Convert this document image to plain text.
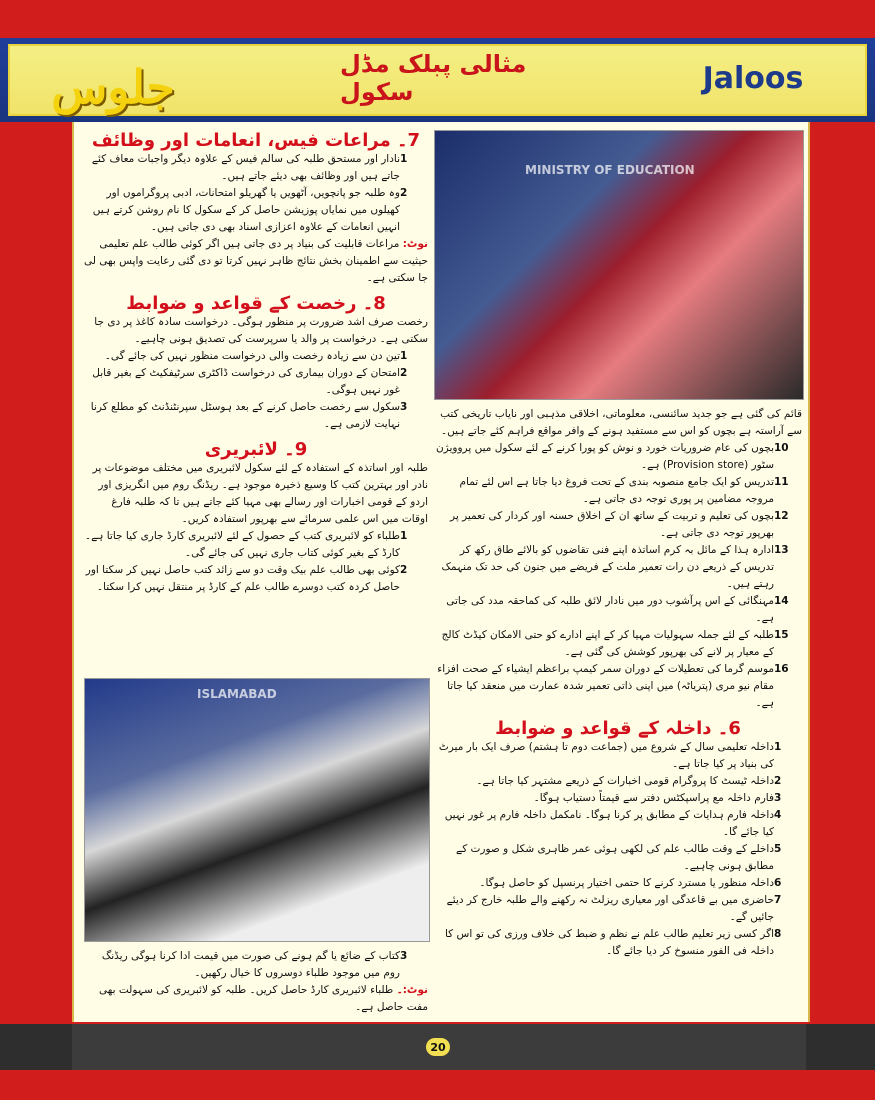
جلوس	مثالی پبلک مڈل سکول	Jaloos
MINISTRY OF EDUCATION

قائم کی گئی ہے جو جدید سائنسی، معلوماتی، اخلاقی مذہبی اور نایاب تاریخی کتب سے آراستہ ہے بچوں کو اس سے مستفید ہونے کے وافر مواقع فراہم کئے جاتے ہیں۔

10
بچوں کی عام ضروریات خورد و نوش کو پورا کرنے کے لئے سکول میں پروویژن سٹور (Provision store) ہے۔
11
تدریس کو ایک جامع منصوبہ بندی کے تحت فروغ دیا جاتا ہے اس لئے تمام مروجہ مضامین پر پوری توجہ دی جاتی ہے۔
12
بچوں کی تعلیم و تربیت کے ساتھ ان کے اخلاق حسنہ اور کردار کی تعمیر پر بھرپور توجہ دی جاتی ہے۔
13
ادارہ ہذا کے مائل بہ کرم اساتذہ اپنے فنی تقاضوں کو بالائے طاق رکھ کر تدریس کے ذریعے دن رات تعمیر ملت کے فریضے میں جنون کی حد تک منہمک رہتے ہیں۔
14
مہنگائی کے اس پرآشوب دور میں نادار لائق طلبہ کی کماحقہ مدد کی جاتی ہے۔
15
طلبہ کے لئے جملہ سہولیات مہیا کر کے اپنے ادارے کو حتی الامکان کیڈٹ کالج کے معیار پر لانے کی بھرپور کوشش کی گئی ہے۔
16
موسم گرما کی تعطیلات کے دوران سمر کیمپ براعظم ایشیاء کے صحت افزاء مقام نیو مری (پتریاٹہ) میں اپنی ذاتی تعمیر شدہ عمارت میں منعقد کیا جاتا ہے۔
6۔ داخلہ کے قواعد و ضوابط
1
داخلہ تعلیمی سال کے شروع میں (جماعت دوم تا ہشتم) صرف ایک بار میرٹ کی بنیاد پر کیا جاتا ہے۔
2
داخلہ ٹیسٹ کا پروگرام قومی اخبارات کے ذریعے مشتہر کیا جاتا ہے۔
3
فارم داخلہ مع پراسپکٹس دفتر سے قیمتاً دستیاب ہوگا۔
4
داخلہ فارم ہدایات کے مطابق پر کرنا ہوگا۔ نامکمل داخلہ فارم پر غور نہیں کیا جائے گا۔
5
داخلے کے وقت طالب علم کی لکھی ہوئی عمر ظاہری شکل و صورت کے مطابق ہونی چاہیے۔
6
داخلہ منظور یا مسترد کرنے کا حتمی اختیار پرنسپل کو حاصل ہوگا۔
7
حاضری میں بے قاعدگی اور معیاری ریزلٹ نہ رکھنے والے طلبہ خارج کر دیئے جائیں گے۔
8
اگر کسی زیر تعلیم طالب علم نے نظم و ضبط کی خلاف ورزی کی تو اس کا داخلہ فی الفور منسوخ کر دیا جائے گا۔
7۔ مراعات فیس، انعامات اور وظائف
1
نادار اور مستحق طلبہ کی سالم فیس کے علاوہ دیگر واجبات معاف کئے جاتے ہیں اور وظائف بھی دیئے جاتے ہیں۔
2
وہ طلبہ جو پانچویں، آٹھویں یا گھریلو امتحانات، ادبی پروگراموں اور کھیلوں میں نمایاں پوزیشن حاصل کر کے سکول کا نام روشن کرتے ہیں انہیں انعامات کے علاوہ اعزازی اسناد بھی دی جاتی ہیں۔

نوٹ: مراعات قابلیت کی بنیاد پر دی جاتی ہیں اگر کوئی طالب علم تعلیمی حیثیت سے اطمینان بخش نتائج ظاہر نہیں کرتا تو دی گئی رعایت واپس بھی لی جا سکتی ہے۔

8۔ رخصت کے قواعد و ضوابط

رخصت صرف اشد ضرورت پر منظور ہوگی۔ درخواست سادہ کاغذ پر دی جا سکتی ہے۔ درخواست پر والد یا سرپرست کی تصدیق ہونی چاہیے۔

1
تین دن سے زیادہ رخصت والی درخواست منظور نہیں کی جائے گی۔
2
امتحان کے دوران بیماری کی درخواست ڈاکٹری سرٹیفکیٹ کے بغیر قابل غور نہیں ہوگی۔
3
سکول سے رخصت حاصل کرنے کے بعد ہوسٹل سپرنٹنڈنٹ کو مطلع کرنا نہایت لازمی ہے۔
9۔ لائبریری

طلبہ اور اساتذہ کے استفادہ کے لئے سکول لائبریری میں مختلف موضوعات پر نادر اور بہترین کتب کا وسیع ذخیرہ موجود ہے۔ ریڈنگ روم میں انگریزی اور اردو کے قومی اخبارات اور رسالے بھی مہیا کئے جاتے ہیں تا کہ طلبہ فارغ اوقات میں اس علمی سرمائے سے بھرپور استفادہ کریں۔

1
طلباء کو لائبریری کتب کے حصول کے لئے لائبریری کارڈ جاری کیا جاتا ہے۔ کارڈ کے بغیر کوئی کتاب جاری نہیں کی جائے گی۔
2
کوئی بھی طالب علم بیک وقت دو سے زائد کتب حاصل نہیں کر سکتا اور حاصل کردہ کتب دوسرے طالب علم کے کارڈ پر منتقل نہیں کرا سکتا۔
ISLAMABAD
3
کتاب کے ضائع یا گم ہونے کی صورت میں قیمت ادا کرنا ہوگی ریڈنگ روم میں موجود طلباء دوسروں کا خیال رکھیں۔

نوٹ:۔ طلباء لائبریری کارڈ حاصل کریں۔ طلبہ کو لائبریری کی سہولت بھی مفت حاصل ہے۔

20
